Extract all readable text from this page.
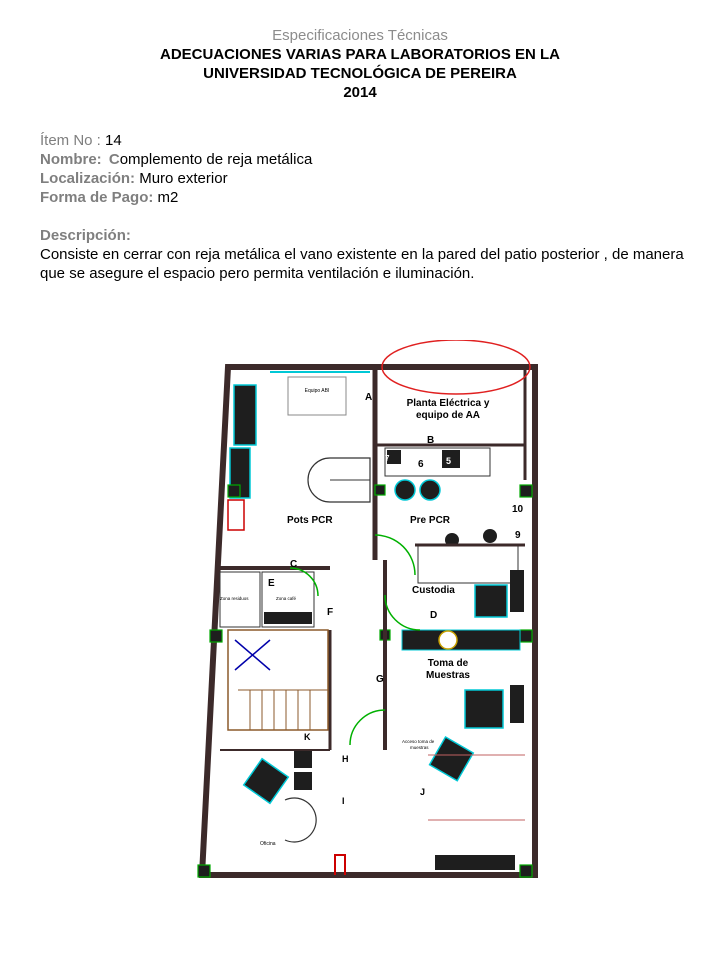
Especificaciones Técnicas
ADECUACIONES VARIAS PARA LABORATORIOS EN LA
UNIVERSIDAD TECNOLÓGICA DE PEREIRA
2014
Ítem No : 14
Nombre: Complemento de reja metálica
Localización: Muro exterior
Forma de Pago: m2
Descripción:
Consiste en cerrar con reja metálica el vano existente en la pared del patio posterior , de manera que se asegure el espacio pero permita ventilación e iluminación.
Equipo ABI
A
Planta Eléctrica y
equipo de AA
B
7
6 5
Pots PCR	Pre PCR
10
9
C
E
Zona residuos	Zona café
Custodia
F	D
Toma de
Muestras
G
Acceso toma de
muestras
K
H
I
J
Oficina
